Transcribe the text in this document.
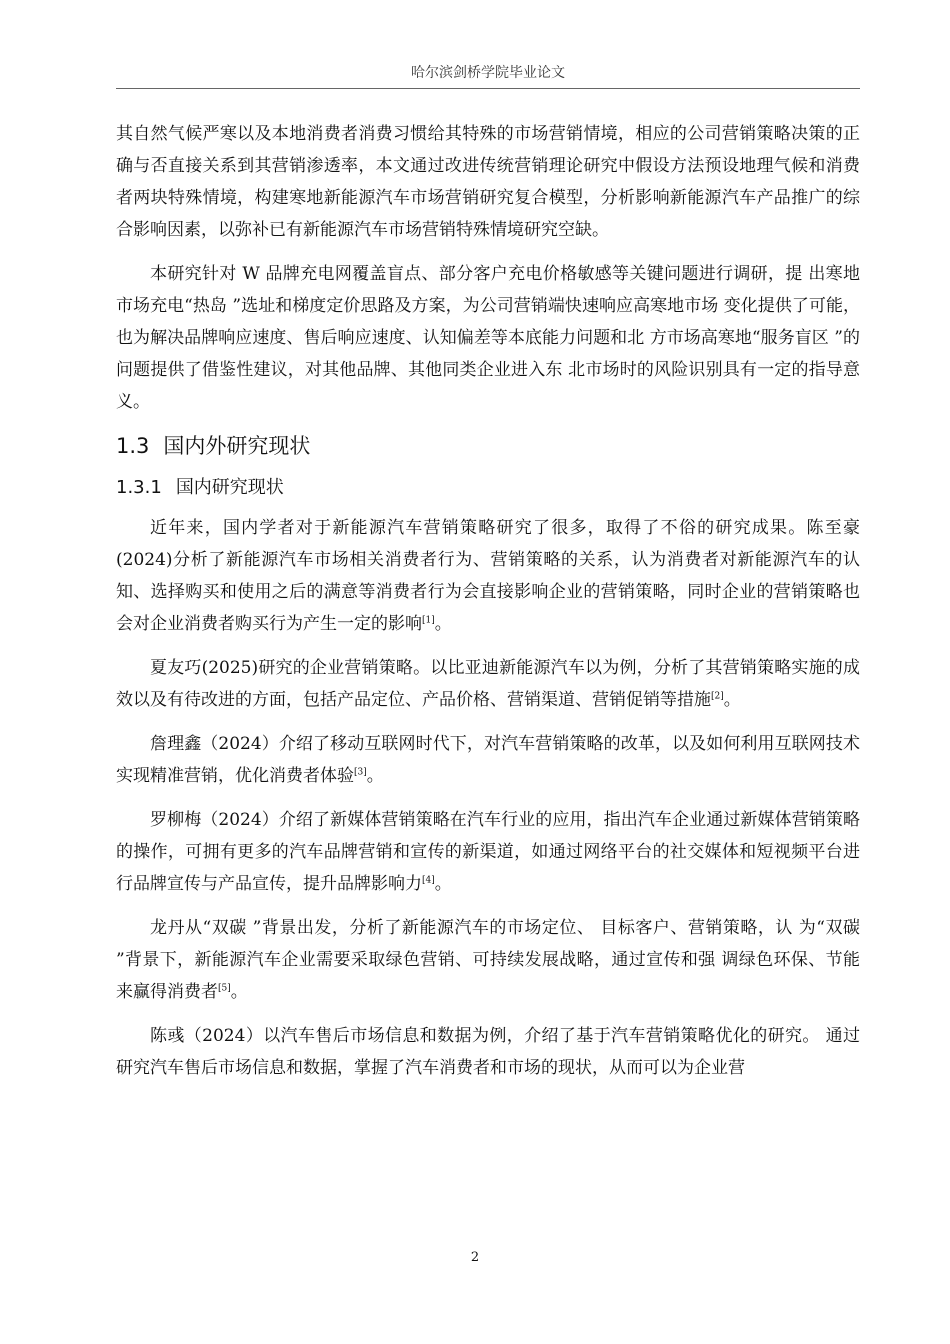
哈尔滨剑桥学院毕业论文

其自然气候严寒以及本地消费者消费习惯给其特殊的市场营销情境，相应的公司营销策略决策的正确与否直接关系到其营销渗透率，本文通过改进传统营销理论研究中假设方法预设地理气候和消费者两块特殊情境，构建寒地新能源汽车市场营销研究复合模型，分析影响新能源汽车产品推广的综合影响因素，以弥补已有新能源汽车市场营销特殊情境研究空缺。

本研究针对 W 品牌充电网覆盖盲点、部分客户充电价格敏感等关键问题进行调研，提 出寒地市场充电“热岛 ”选址和梯度定价思路及方案，为公司营销端快速响应高寒地市场 变化提供了可能，也为解决品牌响应速度、售后响应速度、认知偏差等本底能力问题和北 方市场高寒地“服务盲区 ”的问题提供了借鉴性建议，对其他品牌、其他同类企业进入东 北市场时的风险识别具有一定的指导意义。

1.3 国内外研究现状
1.3.1 国内研究现状

近年来，国内学者对于新能源汽车营销策略研究了很多，取得了不俗的研究成果。陈至豪(2024)分析了新能源汽车市场相关消费者行为、营销策略的关系，认为消费者对新能源汽车的认知、选择购买和使用之后的满意等消费者行为会直接影响企业的营销策略，同时企业的营销策略也会对企业消费者购买行为产生一定的影响[1]。

夏友巧(2025)研究的企业营销策略。以比亚迪新能源汽车以为例，分析了其营销策略实施的成效以及有待改进的方面，包括产品定位、产品价格、营销渠道、营销促销等措施[2]。

詹理鑫（2024）介绍了移动互联网时代下，对汽车营销策略的改革，以及如何利用互联网技术实现精准营销，优化消费者体验[3]。

罗柳梅（2024）介绍了新媒体营销策略在汽车行业的应用，指出汽车企业通过新媒体营销策略的操作，可拥有更多的汽车品牌营销和宣传的新渠道，如通过网络平台的社交媒体和短视频平台进行品牌宣传与产品宣传，提升品牌影响力[4]。

龙丹从“双碳 ”背景出发，分析了新能源汽车的市场定位、 目标客户、营销策略，认 为“双碳 ”背景下，新能源汽车企业需要采取绿色营销、可持续发展战略，通过宣传和强 调绿色环保、节能来赢得消费者[5]。

陈彧（2024）以汽车售后市场信息和数据为例，介绍了基于汽车营销策略优化的研究。 通过研究汽车售后市场信息和数据，掌握了汽车消费者和市场的现状，从而可以为企业营

2
